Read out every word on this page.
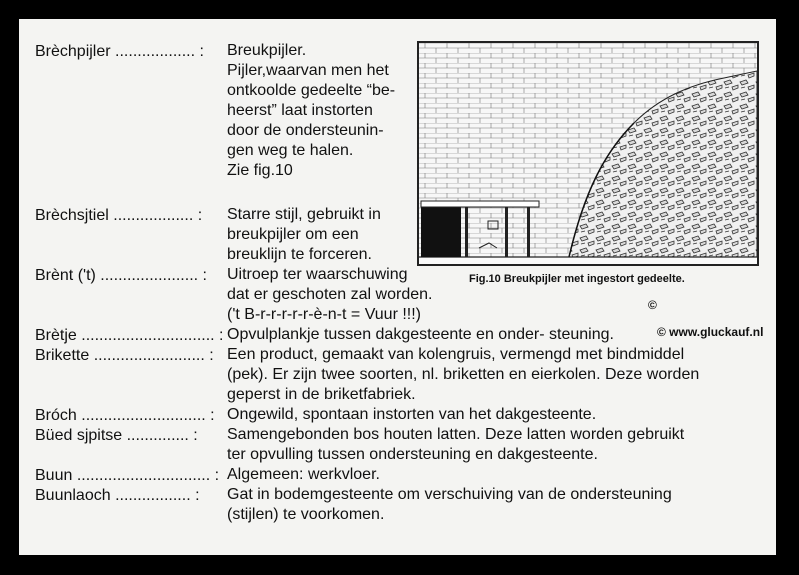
Brèchpijler .................. : Breukpijler.
Pijler,waarvan men het
ontkoolde gedeelte “be-
heerst” laat instorten
door de ondersteunin-
gen weg te halen.
Zie fig.10
Brèchsjtiel .................. : Starre stijl, gebruikt in
breukpijler om een
breuklijn te forceren.
Brènt ('t) ...................... : Uitroep ter waarschuwing
dat er geschoten zal worden.
('t B-r-r-r-r-r-è-n-t = Vuur !!!)
Brètje .............................. : Opvulplankje tussen dakgesteente en onder- steuning.
Brikette ......................... : Een product, gemaakt van kolengruis, vermengd met bindmiddel
(pek). Er zijn twee soorten, nl. briketten en eierkolen. Deze worden
geperst in de briketfabriek.
Bróch ............................ : Ongewild, spontaan instorten van het dakgesteente.
Büed sjpitse .............. : Samengebonden bos houten latten. Deze latten worden gebruikt
ter opvulling tussen ondersteuning en dakgesteente.
Buun .............................. : Algemeen: werkvloer.
Buunlaoch ................. : Gat in bodemgesteente om verschuiving van de ondersteuning
(stijlen) te voorkomen.
Fig.10 Breukpijler met ingestort gedeelte.
©
© www.gluckauf.nl
